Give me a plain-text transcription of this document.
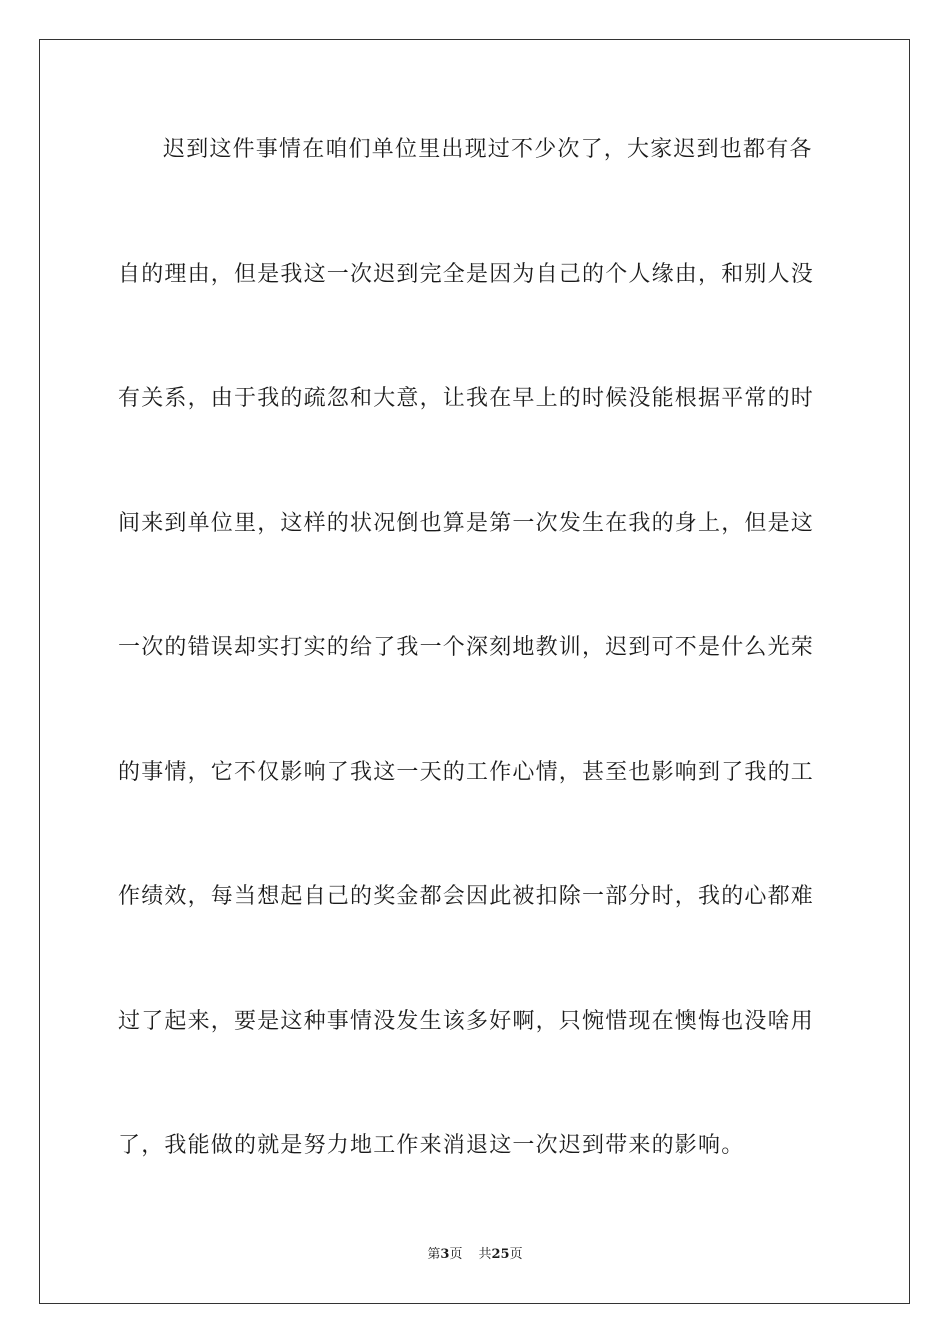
迟到这件事情在咱们单位里出现过不少次了，大家迟到也都有各
自的理由，但是我这一次迟到完全是因为自己的个人缘由，和别人没
有关系，由于我的疏忽和大意，让我在早上的时候没能根据平常的时
间来到单位里，这样的状况倒也算是第一次发生在我的身上，但是这
一次的错误却实打实的给了我一个深刻地教训，迟到可不是什么光荣
的事情，它不仅影响了我这一天的工作心情，甚至也影响到了我的工
作绩效，每当想起自己的奖金都会因此被扣除一部分时，我的心都难
过了起来，要是这种事情没发生该多好啊，只惋惜现在懊悔也没啥用
了，我能做的就是努力地工作来消退这一次迟到带来的影响。
第3页 共25页
